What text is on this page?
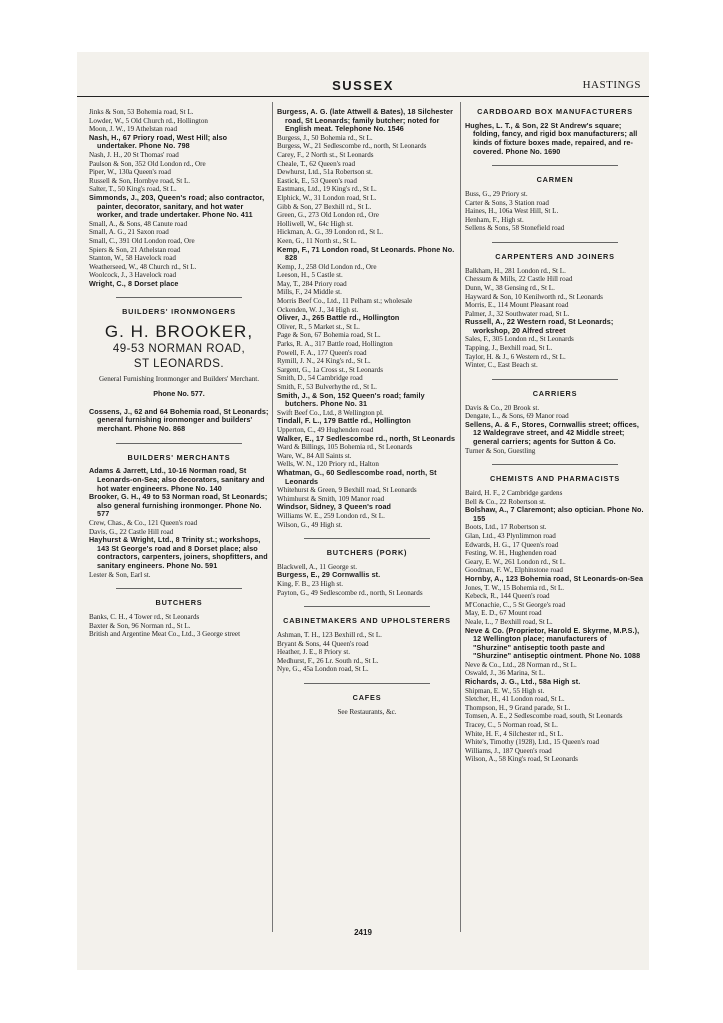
SUSSEX	HASTINGS
Jinks & Son, 53 Bohemia road, St L.
Lowder, W., 5 Old Church rd., Hollington
Moon, J. W., 19 Athelstan road
Nash, H., 67 Priory road, West Hill; also undertaker. Phone No. 798
Nash, J. H., 20 St Thomas' road
Paulson & Son, 352 Old London rd., Ore
Piper, W., 130a Queen's road
Russell & Son, Hornbye road, St L.
Salter, T., 50 King's road, St L.
Simmonds, J., 203, Queen's road; also contractor, painter, decorator, sanitary, and hot water worker, and trade undertaker. Phone No. 411
Small, A., & Sons, 48 Canute road
Small, A. G., 21 Saxon road
Small, C., 391 Old London road, Ore
Spiers & Son, 21 Athelstan road
Stanton, W., 58 Havelock road
Weatherseed, W., 48 Church rd., St L.
Woolcock, J., 3 Havelock road
Wright, C., 8 Dorset place
BUILDERS' IRONMONGERS
G. H. BROOKER,
49-53 NORMAN ROAD,
ST LEONARDS.
General Furnishing Ironmonger and Builders' Merchant.
Phone No. 577.
Cossens, J., 62 and 64 Bohemia road, St Leonards; general furnishing ironmonger and builders' merchant. Phone No. 868
BUILDERS' MERCHANTS
Adams & Jarrett, Ltd., 10-16 Norman road, St Leonards-on-Sea; also decorators, sanitary and hot water engineers. Phone No. 140
Brooker, G. H., 49 to 53 Norman road, St Leonards; also general furnishing ironmonger. Phone No. 577
Crew, Chas., & Co., 121 Queen's road
Davis, G., 22 Castle Hill road
Hayhurst & Wright, Ltd., 8 Trinity st.; workshops, 143 St George's road and 8 Dorset place; also contractors, carpenters, joiners, shopfitters, and sanitary engineers. Phone No. 591
Lester & Son, Earl st.
BUTCHERS
Banks, C. H., 4 Tower rd., St Leonards
Baxter & Son, 96 Norman rd., St L.
British and Argentine Meat Co., Ltd., 3 George street
Burgess, A. G. (late Attwell & Bates), 18 Silchester road, St Leonards; family butcher; noted for English meat. Telephone No. 1546
Burgess, J., 50 Bohemia rd., St L.
Burgess, W., 21 Sedlescombe rd., north, St Leonards
Carey, F., 2 North st., St Leonards
Cheale, T., 62 Queen's road
Dewhurst, Ltd., 51a Robertson st.
Eastick, E., 53 Queen's road
Eastmans, Ltd., 19 King's rd., St L.
Elphick, W., 31 London road, St L.
Gibb & Son, 27 Bexhill rd., St L.
Green, G., 273 Old London rd., Ore
Holliwell, W., 64c High st.
Hickman, A. G., 39 London rd., St L.
Keen, G., 11 North st., St L.
Kemp, F., 71 London road, St Leonards. Phone No. 828
Kemp, J., 258 Old London rd., Ore
Leeson, H., 5 Castle st.
May, T., 284 Priory road
Mills, F., 24 Middle st.
Morris Beef Co., Ltd., 11 Pelham st.; wholesale
Ockenden, W. J., 34 High st.
Oliver, J., 265 Battle rd., Hollington
Oliver, R., 5 Market st., St L.
Page & Son, 67 Bohemia road, St L.
Parks, R. A., 317 Battle road, Hollington
Powell, F. A., 177 Queen's road
Rymill, J. N., 24 King's rd., St L.
Sargent, G., 1a Cross st., St Leonards
Smith, D., 54 Cambridge road
Smith, F., 53 Bulverhythe rd., St L.
Smith, J., & Son, 152 Queen's road; family butchers. Phone No. 31
Swift Beef Co., Ltd., 8 Wellington pl.
Tindall, F. L., 179 Battle rd., Hollington
Upperton, C., 49 Hughenden road
Walker, E., 17 Sedlescombe rd., north, St Leonards
Ward & Billings, 105 Bohemia rd., St Leonards
Ware, W., 84 All Saints st.
Wells, W. N., 120 Priory rd., Halton
Whatman, G., 60 Sedlescombe road, north, St Leonards
Whitehurst & Green, 9 Bexhill road, St Leonards
Whimhurst & Smith, 109 Manor road
Windsor, Sidney, 3 Queen's road
Williams W. E., 259 London rd., St L.
Wilson, G., 49 High st.
BUTCHERS (PORK)
Blackwell, A., 11 George st.
Burgess, E., 29 Cornwallis st.
King, F. B., 23 High st.
Payton, G., 49 Sedlescombe rd., north, St Leonards
CABINETMAKERS AND UPHOLSTERERS
Ashman, T. H., 123 Bexhill rd., St L.
Bryant & Sons, 44 Queen's road
Heather, J. E., 8 Priory st.
Medhurst, F., 26 Lr. South rd., St L.
Nye, G., 45a London road, St L.
CAFES
See Restaurants, &c.
CARDBOARD BOX MANUFACTURERS
Hughes, L. T., & Son, 22 St Andrew's square; folding, fancy, and rigid box manufacturers; all kinds of fixture boxes made, repaired, and re-covered. Phone No. 1690
CARMEN
Buss, G., 29 Priory st.
Carter & Sons, 3 Station road
Haines, H., 106a West Hill, St L.
Henham, F., High st.
Sellens & Sons, 58 Stonefield road
CARPENTERS AND JOINERS
Balkham, H., 281 London rd., St L.
Chessum & Mills, 22 Castle Hill road
Dunn, W., 38 Gensing rd., St L.
Hayward & Son, 10 Kenilworth rd., St Leonards
Morris, E., 114 Mount Pleasant road
Palmer, J., 32 Southwater road, St L.
Russell, A., 22 Western road, St Leonards; workshop, 20 Alfred street
Sales, F., 305 London rd., St Leonards
Tapping, J., Bexhill road, St L.
Taylor, H. & J., 6 Western rd., St L.
Winter, C., East Beach st.
CARRIERS
Davis & Co., 20 Brook st.
Dengate, L., & Sons, 69 Manor road
Sellens, A. & F., Stores, Cornwallis street; offices, 12 Waldegrave street, and 42 Middle street; general carriers; agents for Sutton & Co.
Turner & Son, Guestling
CHEMISTS AND PHARMACISTS
Baird, H. F., 2 Cambridge gardens
Bell & Co., 22 Robertson st.
Bolshaw, A., 7 Claremont; also optician. Phone No. 155
Boots, Ltd., 17 Robertson st.
Glan, Ltd., 43 Plynlimmon road
Edwards, H. G., 17 Queen's road
Festing, W. H., Hughenden road
Geary, E. W., 261 London rd., St L.
Goodman, F. W., Elphinstone road
Hornby, A., 123 Bohemia road, St Leonards-on-Sea
Jones, T. W., 15 Bohemia rd., St L.
Kebeck, R., 144 Queen's road
M'Conachie, C., 5 St George's road
May, E. D., 67 Mount road
Neale, L., 7 Bexhill road, St L.
Neve & Co. (Proprietor, Harold E. Skyrme, M.P.S.), 12 Wellington place; manufacturers of "Shurzine" antiseptic tooth paste and "Shurzine" antiseptic ointment. Phone No. 1088
Neve & Co., Ltd., 28 Norman rd., St L.
Oswald, J., 36 Marina, St L.
Richards, J. G., Ltd., 58a High st.
Shipman, E. W., 55 High st.
Sletcher, H., 41 London road, St L.
Thompson, H., 9 Grand parade, St L.
Tomsen, A. E., 2 Sedlescombe road, south, St Leonards
Tracey, C., 5 Norman road, St L.
White, H. F., 4 Silchester rd., St L.
White's, Timothy (1928), Ltd., 15 Queen's road
Williams, J., 187 Queen's road
Wilson, A., 58 King's road, St Leonards
2419
